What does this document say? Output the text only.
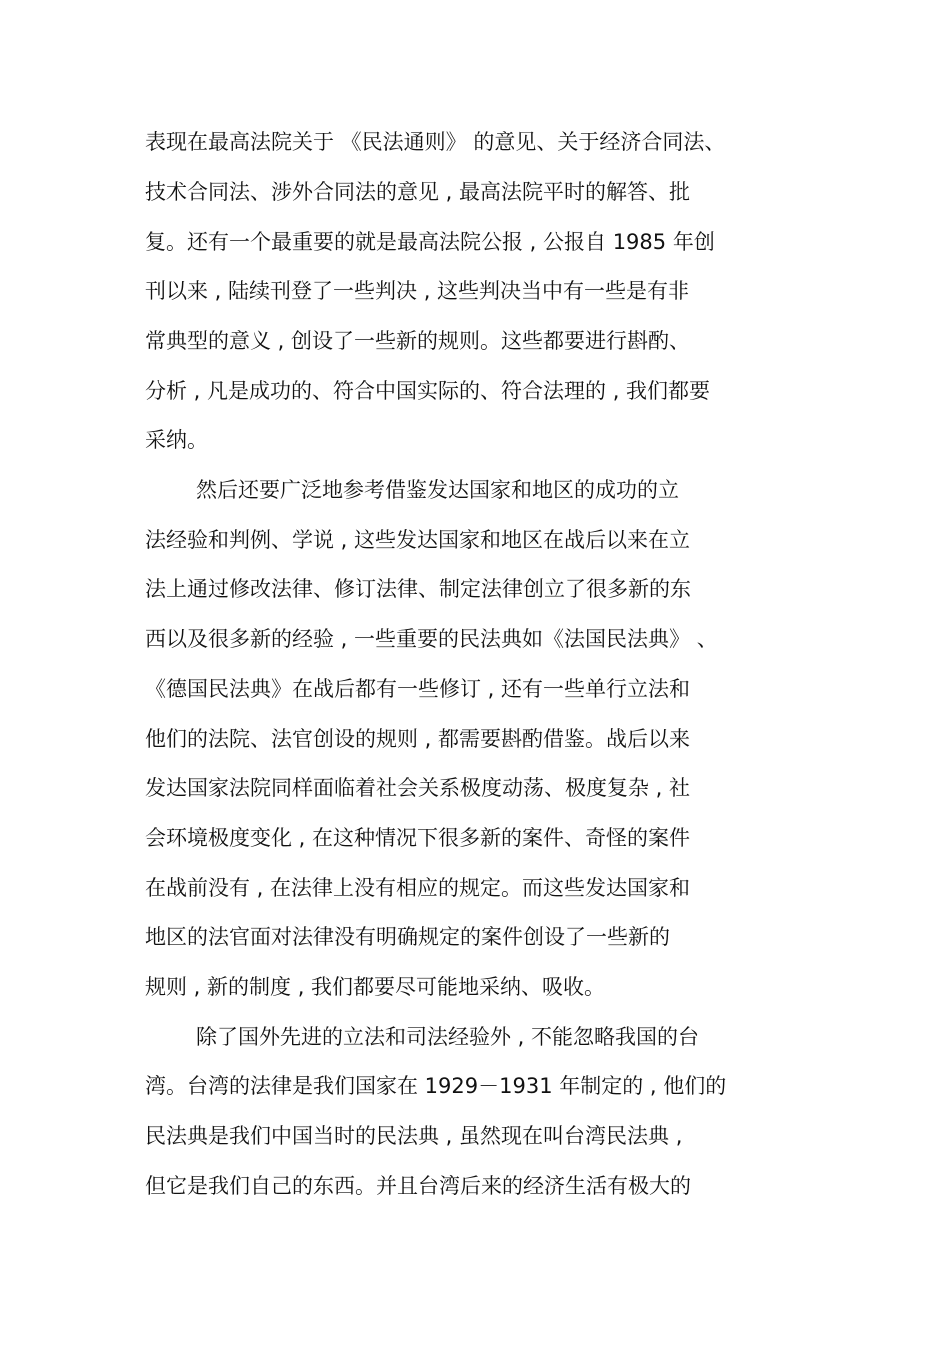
表现在最高法院关于 《民法通则》 的意见、关于经济合同法、
技术合同法、涉外合同法的意见 , 最高法院平时的解答、批
复。还有一个最重要的就是最高法院公报 , 公报自 1985 年创
刊以来 , 陆续刊登了一些判决 , 这些判决当中有一些是有非
常典型的意义 , 创设了一些新的规则。这些都要进行斟酌、
分析 , 凡是成功的、符合中国实际的、符合法理的 , 我们都要
采纳。
然后还要广泛地参考借鉴发达国家和地区的成功的立
法经验和判例、学说 , 这些发达国家和地区在战后以来在立
法上通过修改法律、修订法律、制定法律创立了很多新的东
西以及很多新的经验 , 一些重要的民法典如《法国民法典》 、
《德国民法典》在战后都有一些修订 , 还有一些单行立法和
他们的法院、法官创设的规则 , 都需要斟酌借鉴。战后以来
发达国家法院同样面临着社会关系极度动荡、极度复杂 , 社
会环境极度变化 , 在这种情况下很多新的案件、奇怪的案件
在战前没有 , 在法律上没有相应的规定。而这些发达国家和
地区的法官面对法律没有明确规定的案件创设了一些新的
规则 , 新的制度 , 我们都要尽可能地采纳、吸收。
除了国外先进的立法和司法经验外 , 不能忽略我国的台
湾。台湾的法律是我们国家在 1929－1931 年制定的 , 他们的
民法典是我们中国当时的民法典 , 虽然现在叫台湾民法典 ,
但它是我们自己的东西。并且台湾后来的经济生活有极大的
